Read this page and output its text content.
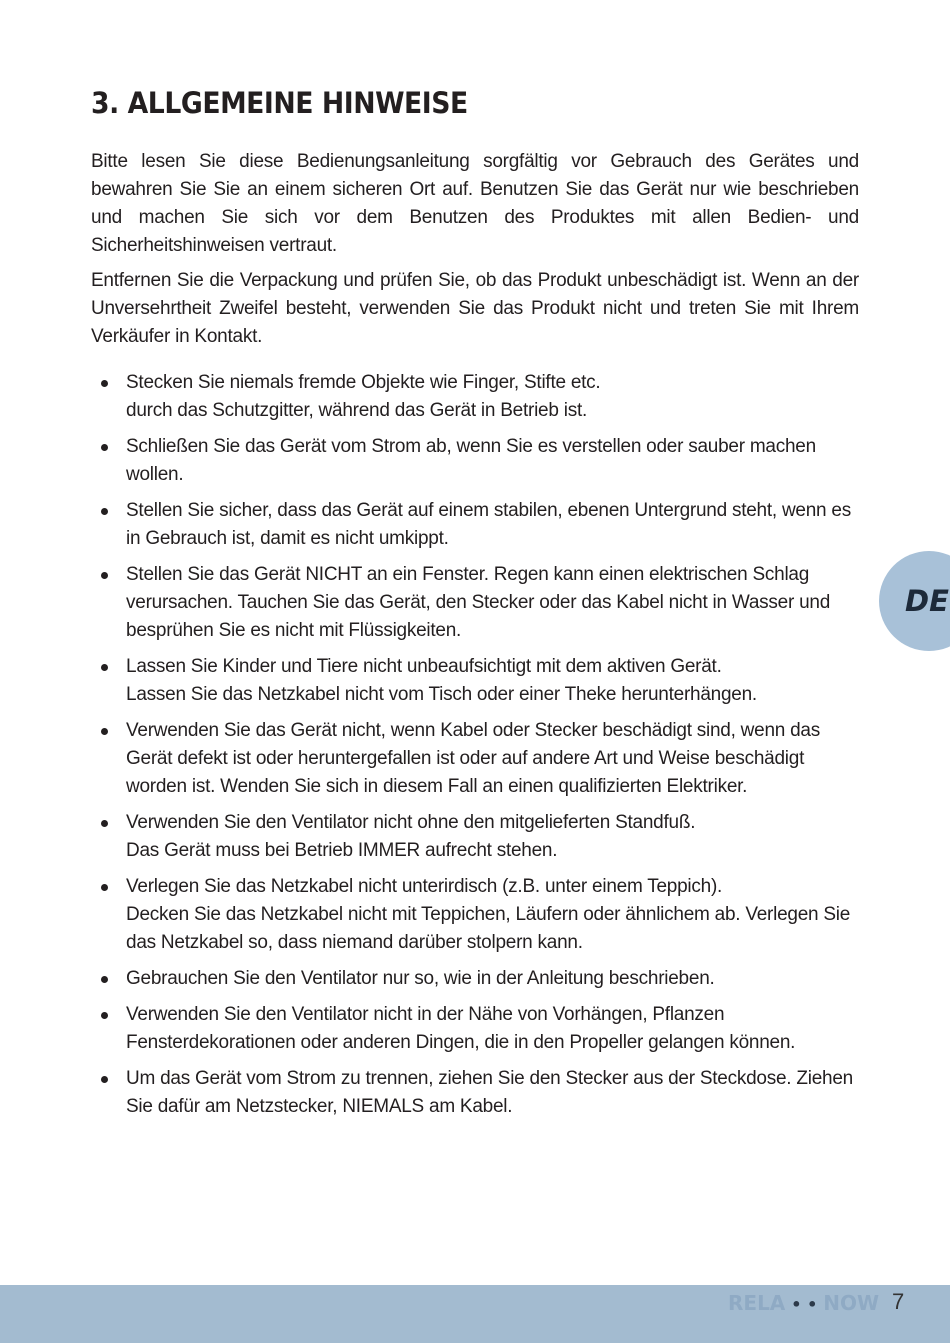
3. ALLGEMEINE HINWEISE

Bitte lesen Sie diese Bedienungsanleitung sorgfältig vor Gebrauch des Gerätes und bewahren Sie Sie an einem sicheren Ort auf. Benutzen Sie das Gerät nur wie beschrieben und machen Sie sich vor dem Benutzen des Produktes mit allen Bedien- und Sicherheitshinweisen vertraut.

Entfernen Sie die Verpackung und prüfen Sie, ob das Produkt unbeschädigt ist. Wenn an der Unversehrtheit Zweifel besteht, verwenden Sie das Produkt nicht und treten Sie mit Ihrem Verkäufer in Kontakt.

Stecken Sie niemals fremde Objekte wie Finger, Stifte etc.
durch das Schutzgitter, während das Gerät in Betrieb ist.
Schließen Sie das Gerät vom Strom ab, wenn Sie es verstellen oder sauber machen
wollen.
Stellen Sie sicher, dass das Gerät auf einem stabilen, ebenen Untergrund steht, wenn es
in Gebrauch ist, damit es nicht umkippt.
Stellen Sie das Gerät NICHT an ein Fenster. Regen kann einen elektrischen Schlag
verursachen. Tauchen Sie das Gerät, den Stecker oder das Kabel nicht in Wasser und
besprühen Sie es nicht mit Flüssigkeiten.
Lassen Sie Kinder und Tiere nicht unbeaufsichtigt mit dem aktiven Gerät.
Lassen Sie das Netzkabel nicht vom Tisch oder einer Theke herunterhängen.
Verwenden Sie das Gerät nicht, wenn Kabel oder Stecker beschädigt sind, wenn das
Gerät defekt ist oder heruntergefallen ist oder auf andere Art und Weise beschädigt
worden ist. Wenden Sie sich in diesem Fall an einen qualifizierten Elektriker.
Verwenden Sie den Ventilator nicht ohne den mitgelieferten Standfuß.
Das Gerät muss bei Betrieb IMMER aufrecht stehen.
Verlegen Sie das Netzkabel nicht unterirdisch (z.B. unter einem Teppich).
Decken Sie das Netzkabel nicht mit Teppichen, Läufern oder ähnlichem ab. Verlegen Sie
das Netzkabel so, dass niemand darüber stolpern kann.
Gebrauchen Sie den Ventilator nur so, wie in der Anleitung beschrieben.
Verwenden Sie den Ventilator nicht in der Nähe von Vorhängen, Pflanzen
Fensterdekorationen oder anderen Dingen, die in den Propeller gelangen können.
Um das Gerät vom Strom zu trennen, ziehen Sie den Stecker aus der Steckdose. Ziehen
Sie dafür am Netzstecker, NIEMALS am Kabel.
DE
RELA • • NOW 7
